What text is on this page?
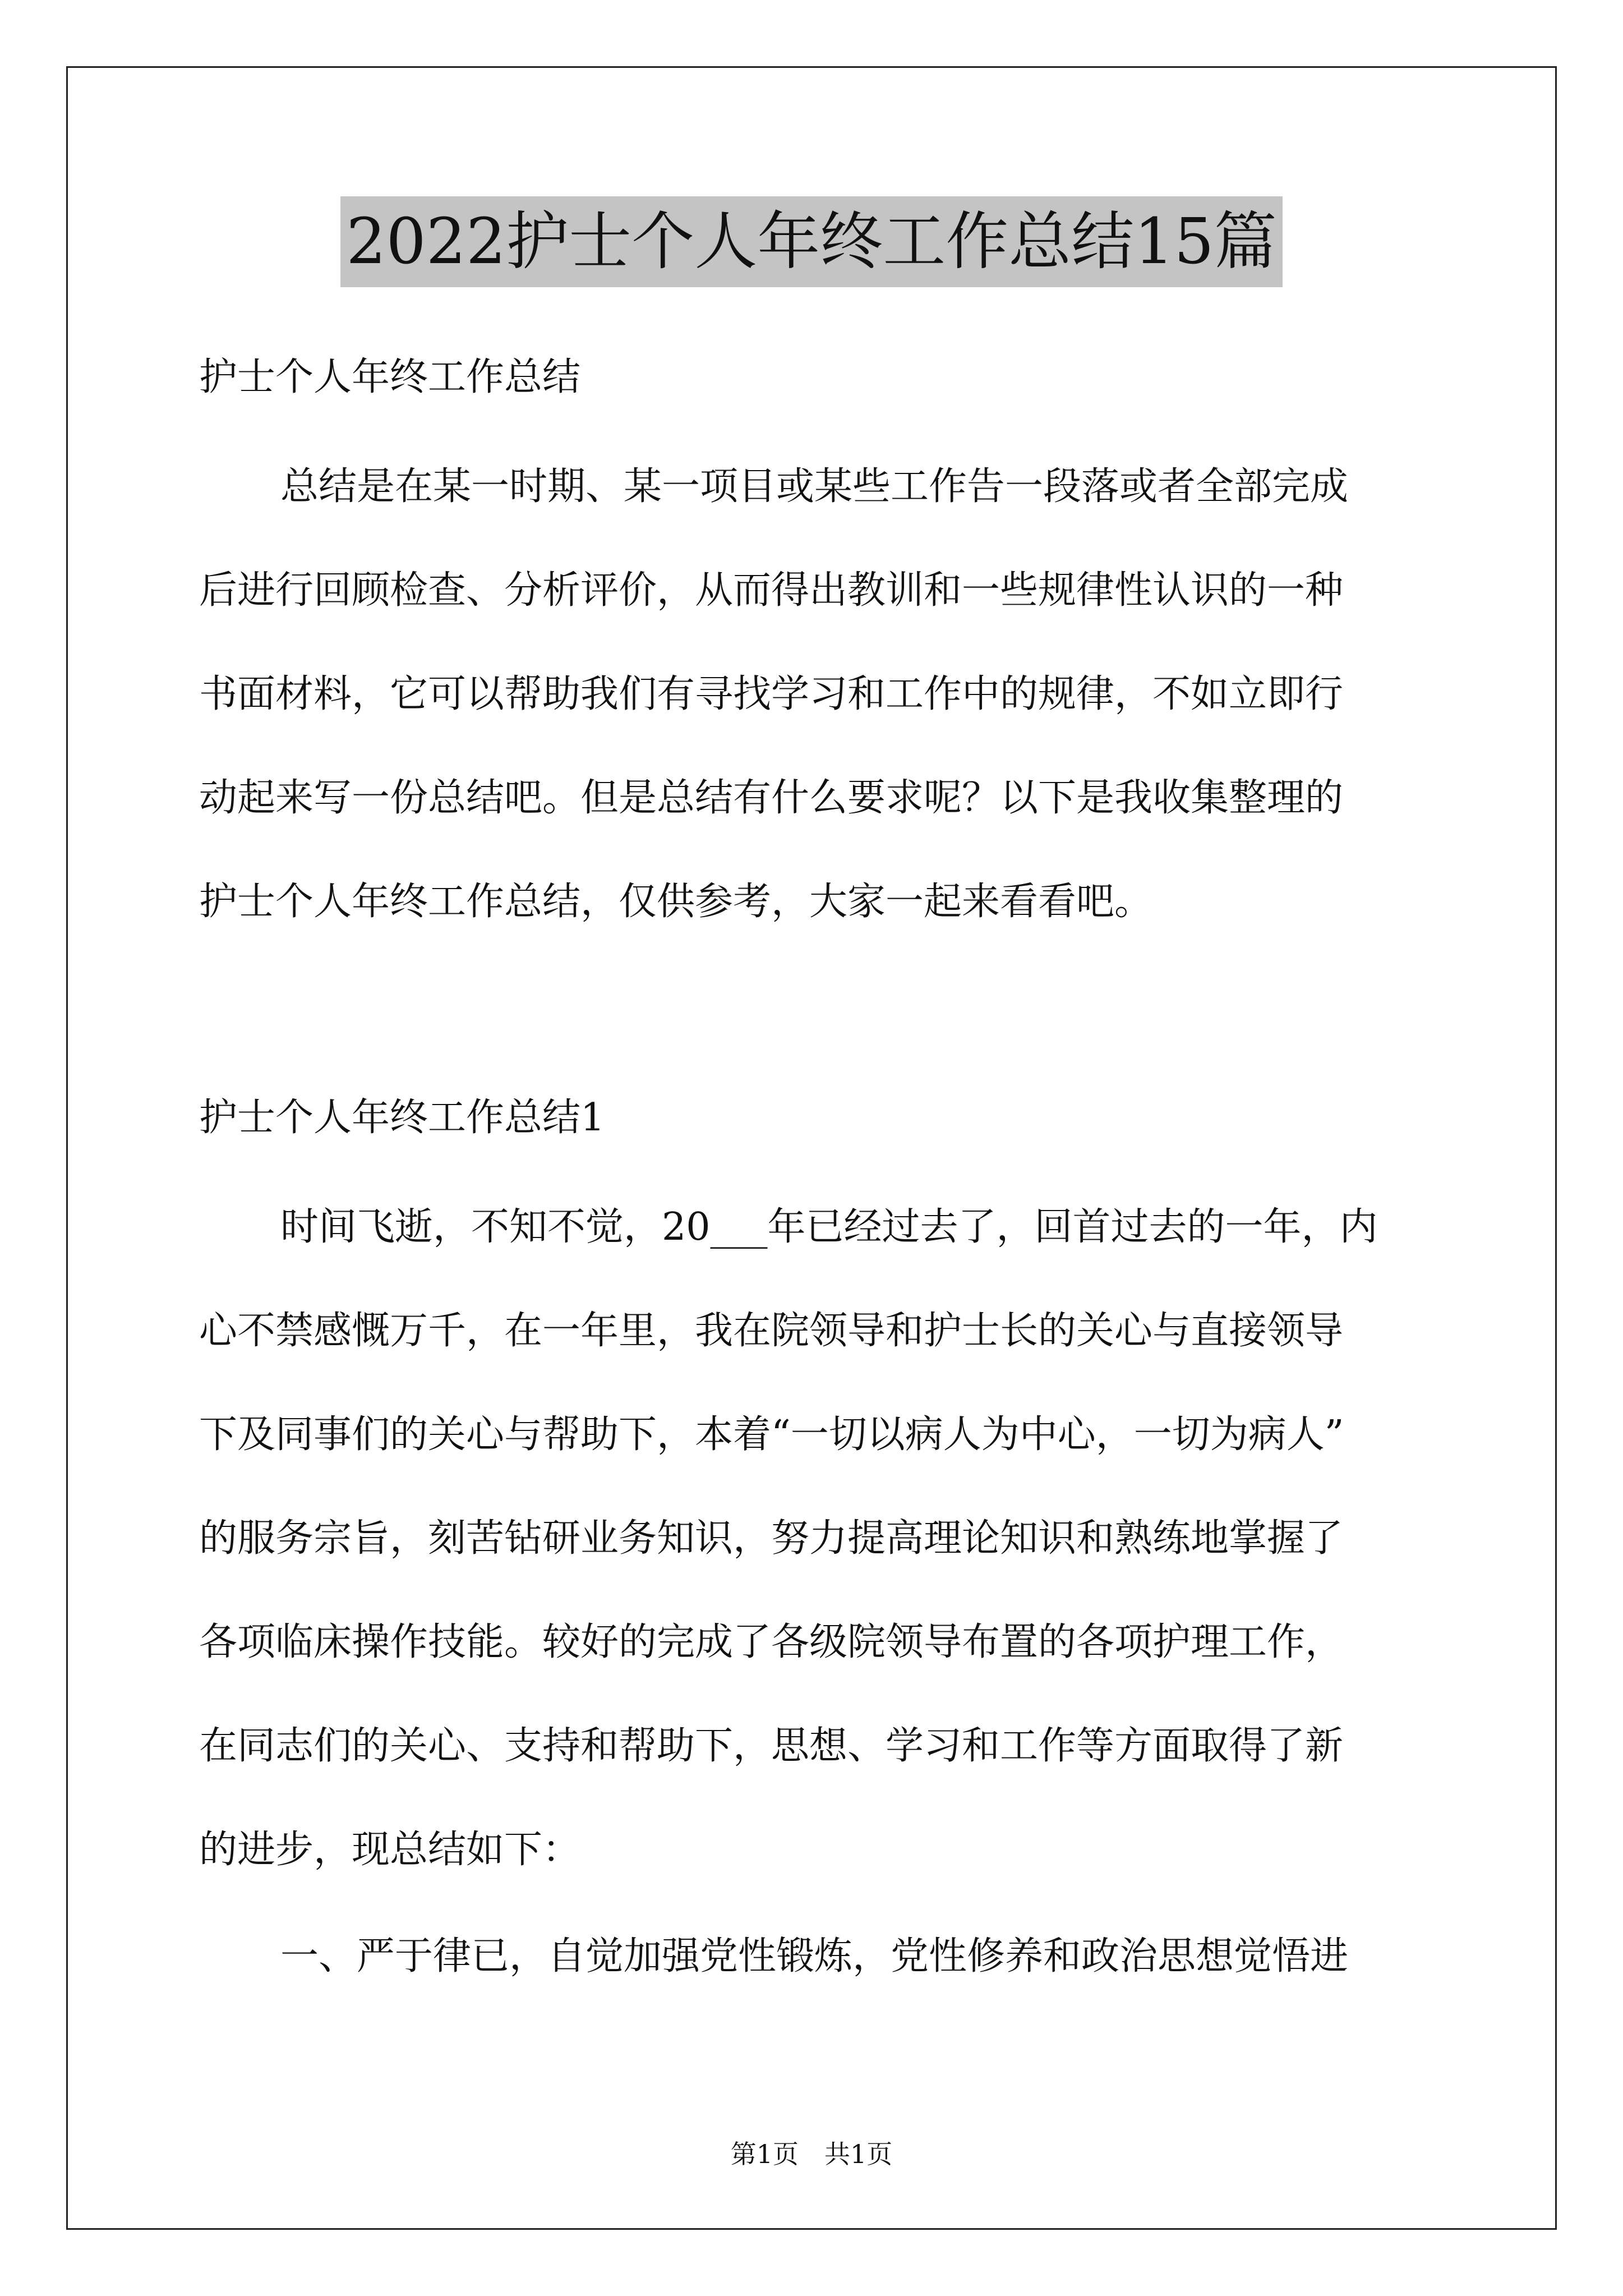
2022护士个人年终工作总结15篇
护士个人年终工作总结
总结是在某一时期、某一项目或某些工作告一段落或者全部完成
后进行回顾检查、分析评价，从而得出教训和一些规律性认识的一种
书面材料，它可以帮助我们有寻找学习和工作中的规律，不如立即行
动起来写一份总结吧。但是总结有什么要求呢？以下是我收集整理的
护士个人年终工作总结，仅供参考，大家一起来看看吧。
护士个人年终工作总结1
时间飞逝，不知不觉，20___年已经过去了，回首过去的一年，内
心不禁感慨万千，在一年里，我在院领导和护士长的关心与直接领导
下及同事们的关心与帮助下，本着“一切以病人为中心，一切为病人”
的服务宗旨，刻苦钻研业务知识，努力提高理论知识和熟练地掌握了
各项临床操作技能。较好的完成了各级院领导布置的各项护理工作，
在同志们的关心、支持和帮助下，思想、学习和工作等方面取得了新
的进步，现总结如下：
一、严于律已，自觉加强党性锻炼，党性修养和政治思想觉悟进
第1页　共1页
